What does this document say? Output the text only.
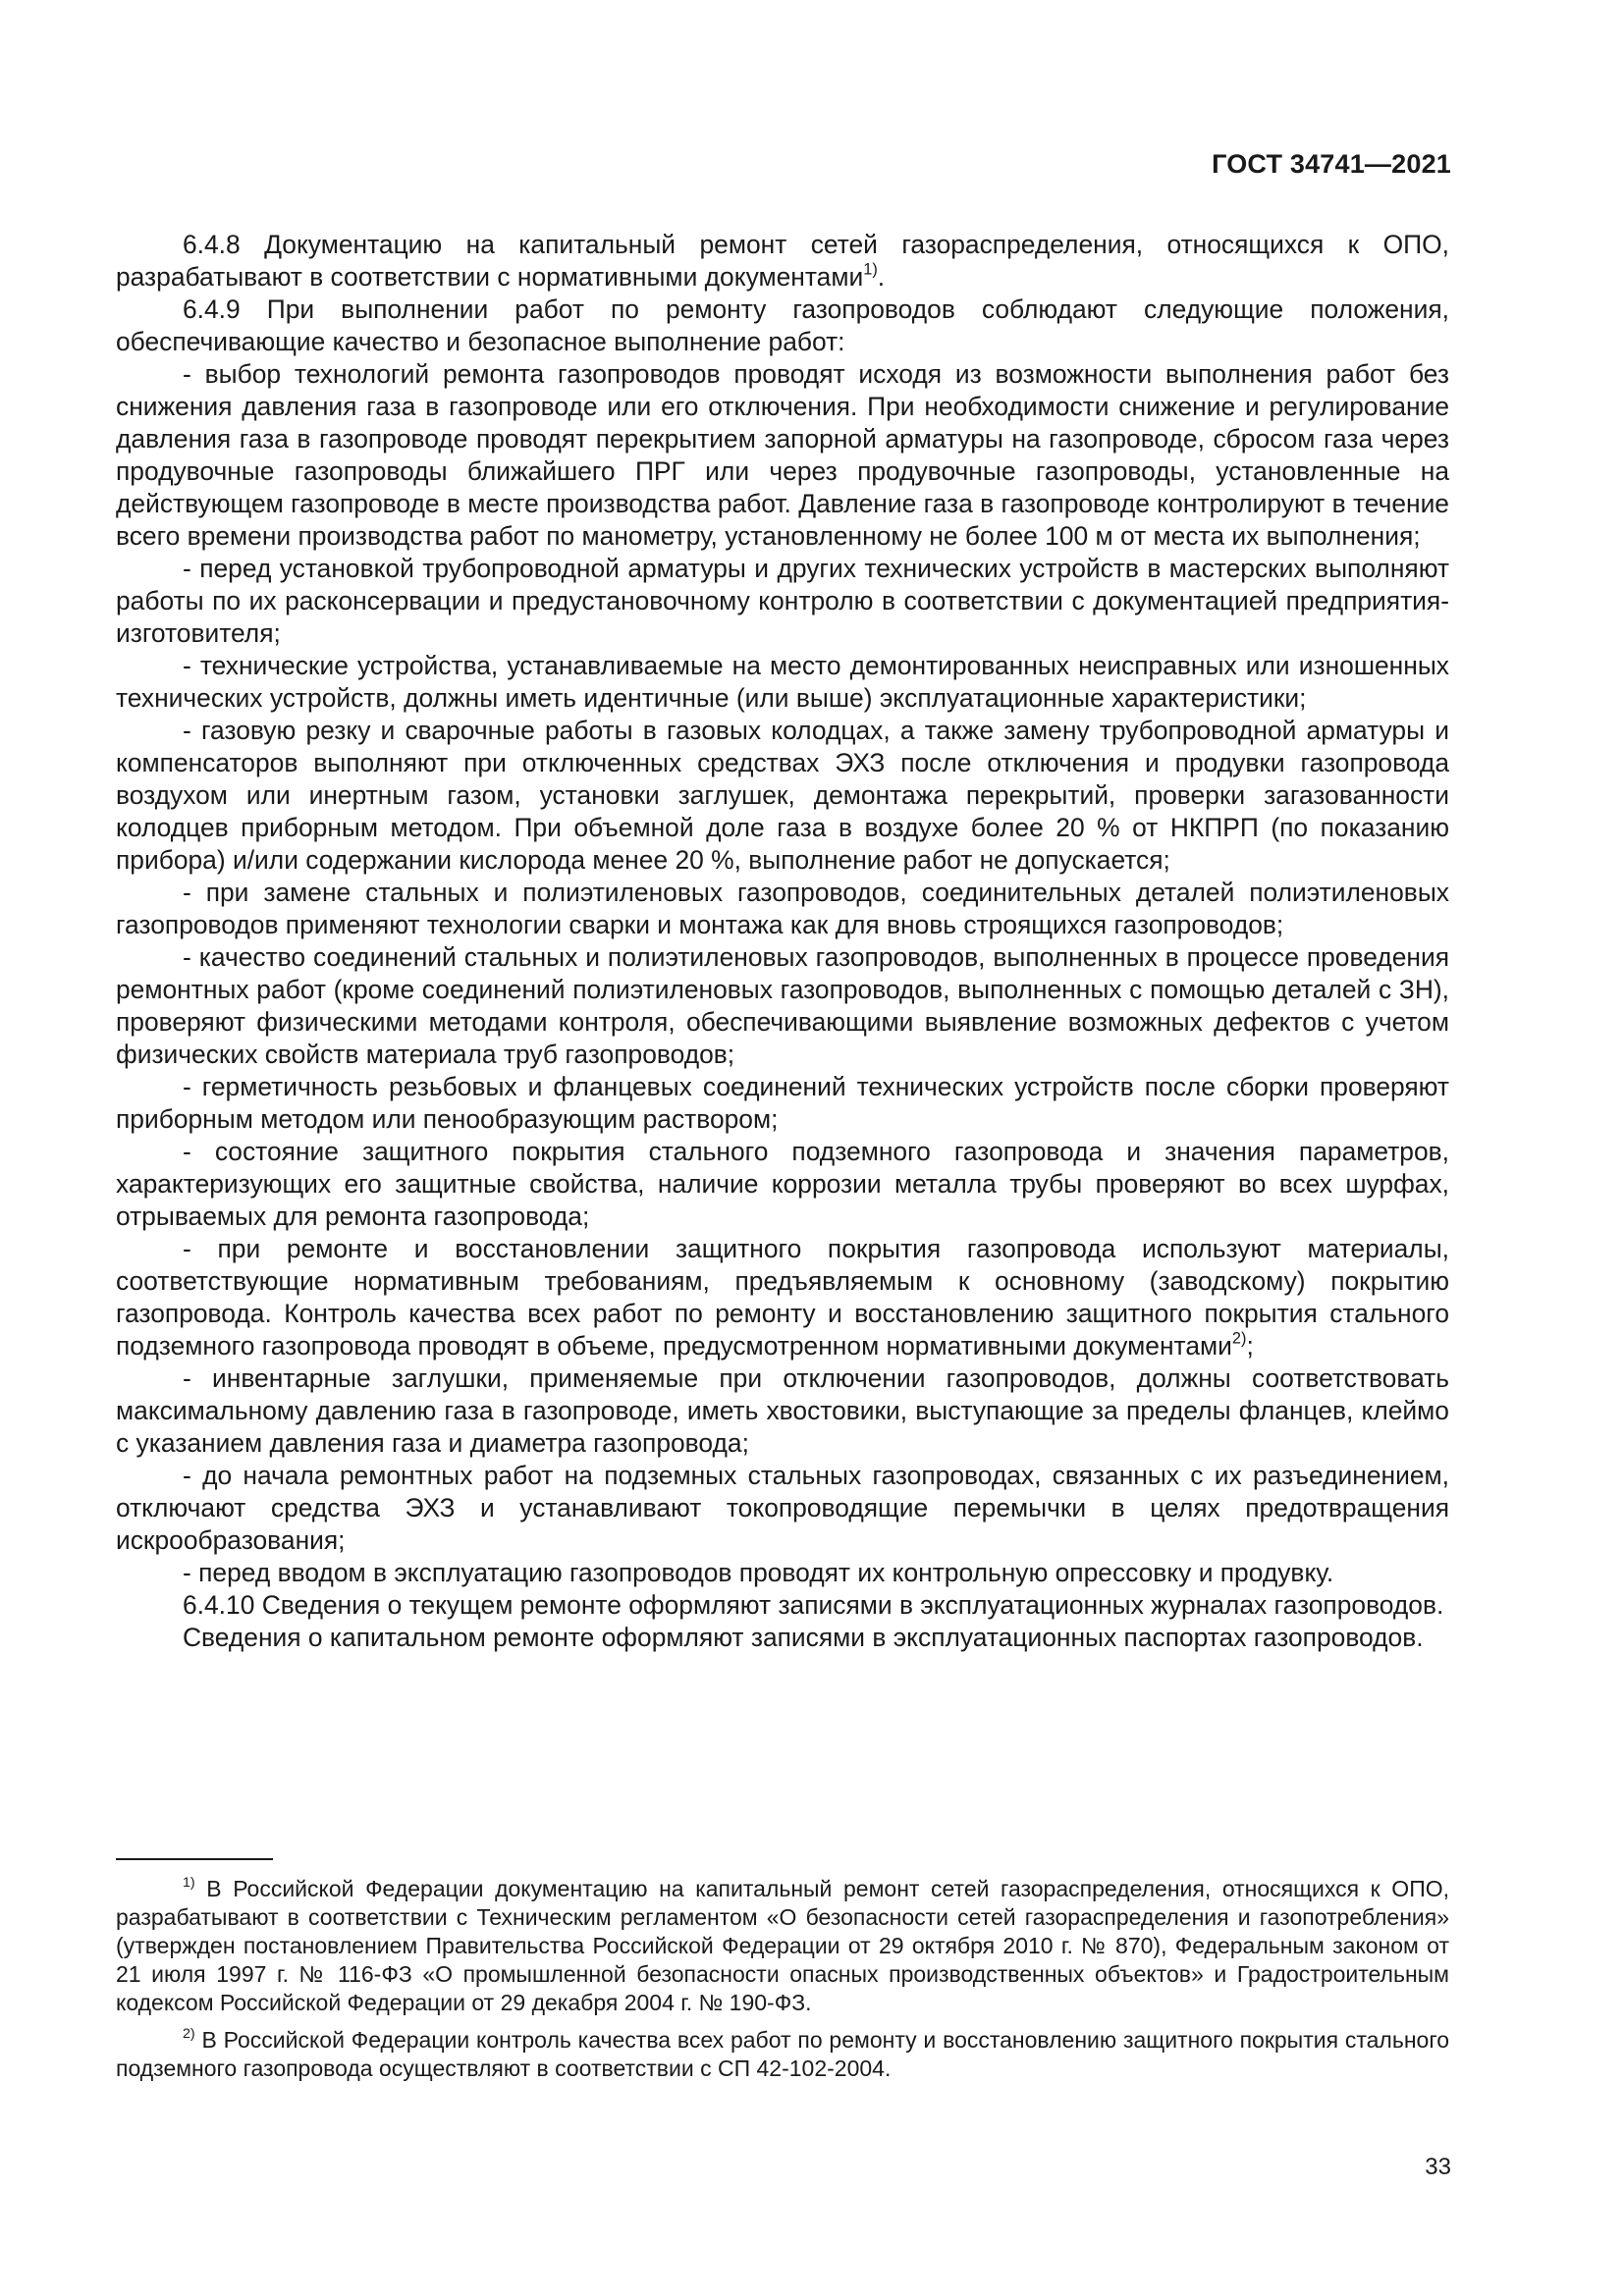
ГОСТ 34741—2021

6.4.8 Документацию на капитальный ремонт сетей газораспределения, относящихся к ОПО, разрабатывают в соответствии с нормативными документами$^{1)}$.

6.4.9 При выполнении работ по ремонту газопроводов соблюдают следующие положения, обеспечивающие качество и безопасное выполнение работ:

- выбор технологий ремонта газопроводов проводят исходя из возможности выполнения работ без снижения давления газа в газопроводе или его отключения. При необходимости снижение и регулирование давления газа в газопроводе проводят перекрытием запорной арматуры на газопроводе, сбросом газа через продувочные газопроводы ближайшего ПРГ или через продувочные газопроводы, установленные на действующем газопроводе в месте производства работ. Давление газа в газопроводе контролируют в течение всего времени производства работ по манометру, установленному не более 100 м от места их выполнения;

- перед установкой трубопроводной арматуры и других технических устройств в мастерских выполняют работы по их расконсервации и предустановочному контролю в соответствии с документацией предприятия-изготовителя;

- технические устройства, устанавливаемые на место демонтированных неисправных или изношенных технических устройств, должны иметь идентичные (или выше) эксплуатационные характеристики;

- газовую резку и сварочные работы в газовых колодцах, а также замену трубопроводной арматуры и компенсаторов выполняют при отключенных средствах ЭХЗ после отключения и продувки газопровода воздухом или инертным газом, установки заглушек, демонтажа перекрытий, проверки загазованности колодцев приборным методом. При объемной доле газа в воздухе более 20 % от НКПРП (по показанию прибора) и/или содержании кислорода менее 20 %, выполнение работ не допускается;

- при замене стальных и полиэтиленовых газопроводов, соединительных деталей полиэтиленовых газопроводов применяют технологии сварки и монтажа как для вновь строящихся газопроводов;

- качество соединений стальных и полиэтиленовых газопроводов, выполненных в процессе проведения ремонтных работ (кроме соединений полиэтиленовых газопроводов, выполненных с помощью деталей с ЗН), проверяют физическими методами контроля, обеспечивающими выявление возможных дефектов с учетом физических свойств материала труб газопроводов;

- герметичность резьбовых и фланцевых соединений технических устройств после сборки проверяют приборным методом или пенообразующим раствором;

- состояние защитного покрытия стального подземного газопровода и значения параметров, характеризующих его защитные свойства, наличие коррозии металла трубы проверяют во всех шурфах, отрываемых для ремонта газопровода;

- при ремонте и восстановлении защитного покрытия газопровода используют материалы, соответствующие нормативным требованиям, предъявляемым к основному (заводскому) покрытию газопровода. Контроль качества всех работ по ремонту и восстановлению защитного покрытия стального подземного газопровода проводят в объеме, предусмотренном нормативными документами$^{2)}$;

- инвентарные заглушки, применяемые при отключении газопроводов, должны соответствовать максимальному давлению газа в газопроводе, иметь хвостовики, выступающие за пределы фланцев, клеймо с указанием давления газа и диаметра газопровода;

- до начала ремонтных работ на подземных стальных газопроводах, связанных с их разъединением, отключают средства ЭХЗ и устанавливают токопроводящие перемычки в целях предотвращения искрообразования;

- перед вводом в эксплуатацию газопроводов проводят их контрольную опрессовку и продувку.

6.4.10 Сведения о текущем ремонте оформляют записями в эксплуатационных журналах газопроводов.

Сведения о капитальном ремонте оформляют записями в эксплуатационных паспортах газопроводов.

$^{1)}$ В Российской Федерации документацию на капитальный ремонт сетей газораспределения, относящихся к ОПО, разрабатывают в соответствии с Техническим регламентом «О безопасности сетей газораспределения и газопотребления» (утвержден постановлением Правительства Российской Федерации от 29 октября 2010 г. № 870), Федеральным законом от 21 июля 1997 г. № 116-ФЗ «О промышленной безопасности опасных производственных объектов» и Градостроительным кодексом Российской Федерации от 29 декабря 2004 г. № 190-ФЗ.

$^{2)}$ В Российской Федерации контроль качества всех работ по ремонту и восстановлению защитного покрытия стального подземного газопровода осуществляют в соответствии с СП 42-102-2004.

33
